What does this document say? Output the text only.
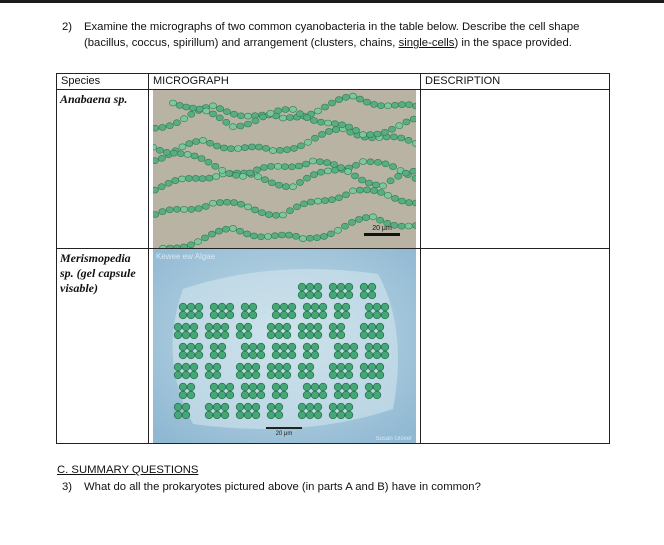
2) Examine the micrographs of two common cyanobacteria in the table below. Describe the cell shape (bacillus, coccus, spirillum) and arrangement (clusters, chains, single-cells) in the space provided.
Species	MICROGRAPH	DESCRIPTION
Anabaena sp.	20 μm	

Merismopedia sp. (gel capsule visable)	Kewee ew Algae
20 μm
Susan Glover	

C. SUMMARY QUESTIONS
3) What do all the prokaryotes pictured above (in parts A and B) have in common?
